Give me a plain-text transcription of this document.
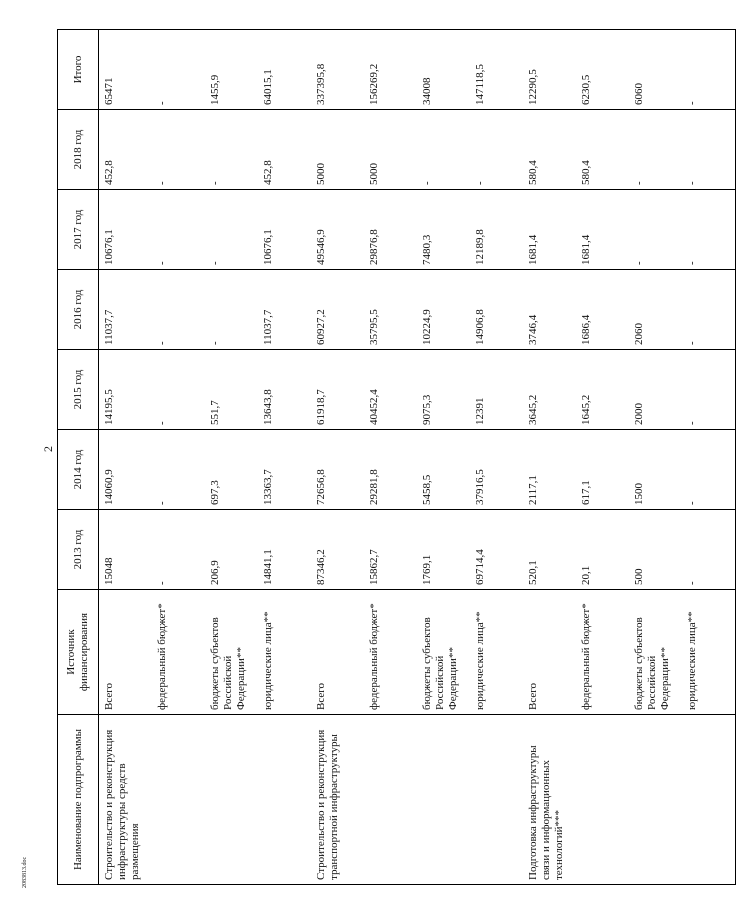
2
2083813.doc
Наименование подпрограммы	Источник финансирования	2013 год	2014 год	2015 год	2016 год	2017 год	2018 год	Итого
Строительство и реконструкция инфраструктуры средств размещения	Всего	15048	14060,9	14195,5	11037,7	10676,1	452,8	65471
	федеральный бюджет*	-	-	-	-	-	-	-
	бюджеты субъектов Российской Федерации**	206,9	697,3	551,7	-	-	-	1455,9
	юридические лица**	14841,1	13363,7	13643,8	11037,7	10676,1	452,8	64015,1
Строительство и реконструкция транспортной инфраструктуры	Всего	87346,2	72656,8	61918,7	60927,2	49546,9	5000	337395,8
	федеральный бюджет*	15862,7	29281,8	40452,4	35795,5	29876,8	5000	156269,2
	бюджеты субъектов Российской Федерации**	1769,1	5458,5	9075,3	10224,9	7480,3	-	34008
	юридические лица**	69714,4	37916,5	12391	14906,8	12189,8	-	147118,5
Подготовка инфраструктуры связи и информационных технологий***	Всего	520,1	2117,1	3645,2	3746,4	1681,4	580,4	12290,5
	федеральный бюджет*	20,1	617,1	1645,2	1686,4	1681,4	580,4	6230,5
	бюджеты субъектов Российской Федерации**	500	1500	2000	2060	-	-	6060
	юридические лица**	-	-	-	-	-	-	-
